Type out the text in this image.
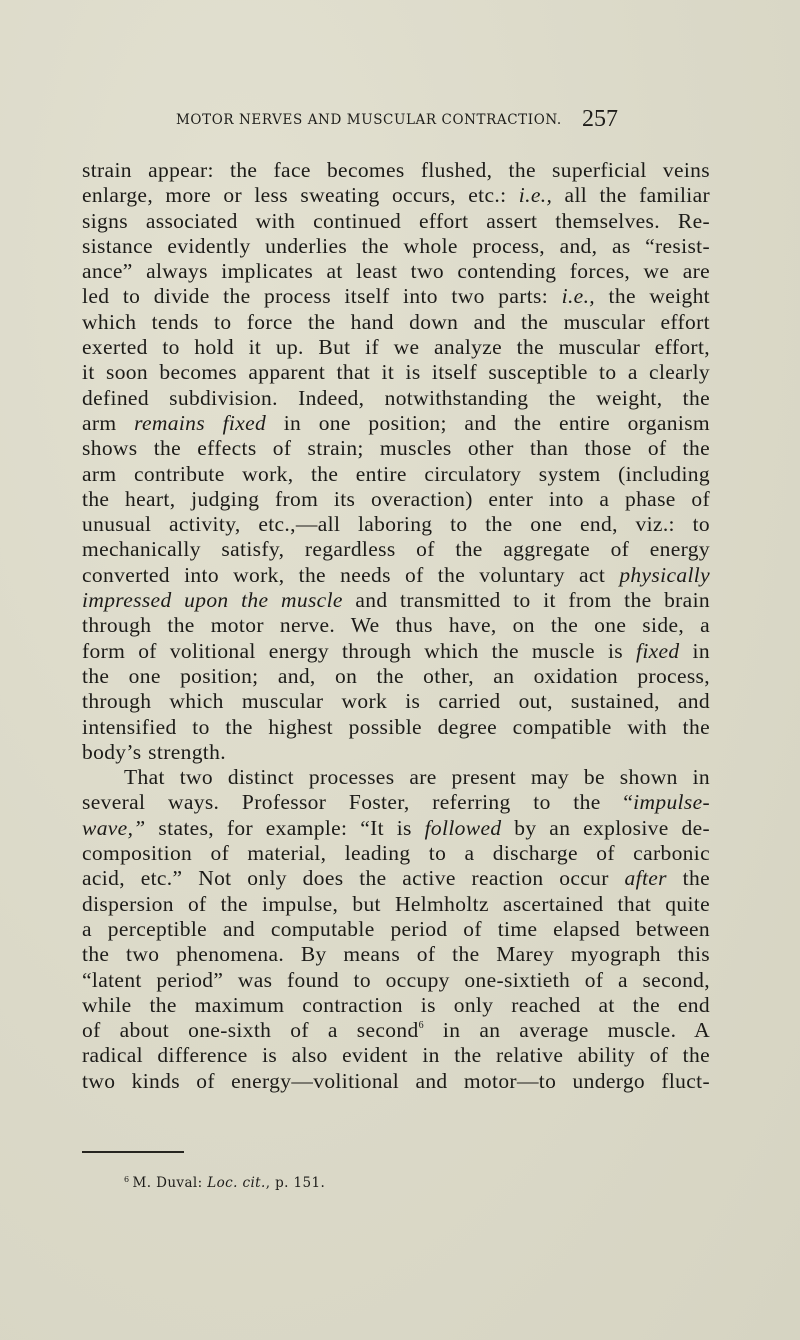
MOTOR NERVES AND MUSCULAR CONTRACTION. 257
strain appear: the face becomes flushed, the superficial veins
enlarge, more or less sweating occurs, etc.: i.e., all the familiar
signs associated with continued effort assert themselves. Re-
sistance evidently underlies the whole process, and, as “resist-
ance” always implicates at least two contending forces, we are
led to divide the process itself into two parts: i.e., the weight
which tends to force the hand down and the muscular effort
exerted to hold it up. But if we analyze the muscular effort,
it soon becomes apparent that it is itself susceptible to a clearly
defined subdivision. Indeed, notwithstanding the weight, the
arm remains fixed in one position; and the entire organism
shows the effects of strain; muscles other than those of the
arm contribute work, the entire circulatory system (including
the heart, judging from its overaction) enter into a phase of
unusual activity, etc.,—all laboring to the one end, viz.: to
mechanically satisfy, regardless of the aggregate of energy
converted into work, the needs of the voluntary act physically
impressed upon the muscle and transmitted to it from the brain
through the motor nerve. We thus have, on the one side, a
form of volitional energy through which the muscle is fixed in
the one position; and, on the other, an oxidation process,
through which muscular work is carried out, sustained, and
intensified to the highest possible degree compatible with the
body’s strength.
That two distinct processes are present may be shown in
several ways. Professor Foster, referring to the “impulse-
wave,” states, for example: “It is followed by an explosive de-
composition of material, leading to a discharge of carbonic
acid, etc.” Not only does the active reaction occur after the
dispersion of the impulse, but Helmholtz ascertained that quite
a perceptible and computable period of time elapsed between
the two phenomena. By means of the Marey myograph this
“latent period” was found to occupy one-sixtieth of a second,
while the maximum contraction is only reached at the end
of about one-sixth of a second$^6$ in an average muscle. A
radical difference is also evident in the relative ability of the
two kinds of energy—volitional and motor—to undergo fluct-
$^6$ M. Duval: Loc. cit., p. 151.
